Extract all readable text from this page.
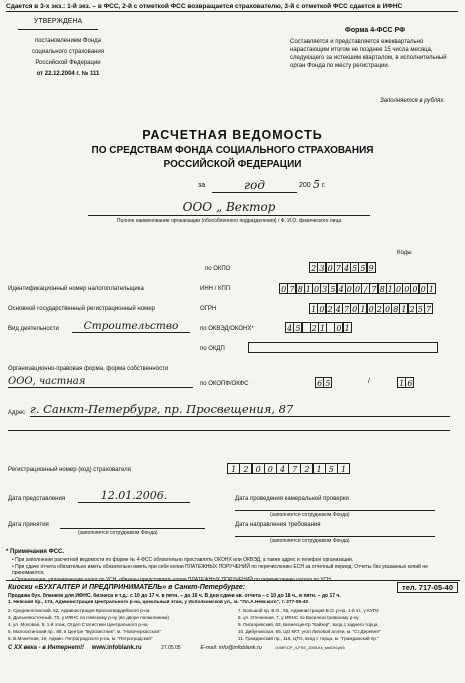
Сдается в 3-х экз.: 1-й экз. – в ФСС, 2-й с отметкой ФСС возвращается страхователю, 3-й с отметкой ФСС сдается в ИФНС
УТВЕРЖДЕНА
постановлением Фонда
социального страхования
Российской Федерации
от 22.12.2004 г. № 111
Форма 4-ФСС РФ
Составляется и представляется ежеквартально
нарастающим итогом не позднее 15 числа месяца,
следующего за истекшим кварталом, в исполнительный
орган Фонда по месту регистрации.
Заполняется в рублях.
РАСЧЕТНАЯ ВЕДОМОСТЬ
ПО СРЕДСТВАМ ФОНДА СОЦИАЛЬНОГО СТРАХОВАНИЯ
РОССИЙСКОЙ ФЕДЕРАЦИИ
за	год	200 5 г.
ООО „ Вектор
Полное наименование организации (обособленного подразделения) / Ф. И.О. физического лица
Коды
по ОКПО	2 3 0 7 4 5 5 9
Идентификационный номер налогоплательщика	ИНН / КПП	0 7 8 1 0 3 5 4 0 0 / 7 8 1 0 0 0 0 1
Основной государственный регистрационный номер	ОГРН	1 0 2 4 7 0 1 0 2 0 8 1 2 5 7
Вид деятельности	Строительство	по ОКВЭД/ОКОНХ*	4 5 2 1 0 1
по ОКДП
Организационно-правовая форма, форма собственности
ООО, частная	по ОКОПФ/ОКФС	6 5	/	1 6
Адрес г. Санкт-Петербург, пр. Просвещения, 87
Регистрационный номер (код) страхователя	1 2 0 0 4 7 2 1 5 1
Дата представления	12.01.2006.	Дата проведения камеральной проверки
(заполняется сотрудником Фонда)
Дата принятия
(заполняется сотрудником Фонда)
Дата направления требования
(заполняется сотрудником Фонда)
* Примечания ФСС.
• При заполнении расчетной ведомости по форме № 4-ФСС обязательно проставлять ОКОНХ или ОКВЭД, а также адрес и телефон организации.
• При сдаче отчета обязательно иметь обязательно иметь при себе копии ПЛАТЕЖНЫХ ПОРУЧЕНИЙ по перечислению ЕСН за отчетный период. Отчеты без указанных копий не принимаются.
• Организации, уплачивающие налог по УСН, обязаны представлять копии ПЛАТЕЖНЫХ ПОРУЧЕНИЙ по перечислению налога по УСН.
Киоски «БУХГАЛТЕР И ПРЕДПРИНИМАТЕЛЬ» в Санкт-Петербурге:	тел. 717-05-40
Продажа бух. бланков для ИФНС, бизнеса и т.д.: с 10 до 17 ч. в пятн. – до 16 ч. В дни сдачи кв. отчета – с 10 до 18 ч., в пятн. – до 17 ч.
1. Невский пр., 174, Администрация Центрального р-на, цокольный этаж, у Исполкомской ул., м. "Пл.А.Невского", т. 277-05-40
2. Среднеохтинский, 52, Администрация Красногвардейского р-на
3. Дальневосточный, 70, у ИФНС по Невскому р-ну (во дворе поликлиники)
4. ул. Моховая, 9, 1-й этаж, Отдел Статистики Центрального р-на
5. Малоохтинский пр., 88, в Центре "Бурсвестник", м. "Новочеркасская"
6. В.Монетная, 19, Админ. Петроградского р-на, м. "Петроградская"
7. Большой пр. В.О., 55, Администрация В.О. р-на, 1-й эт., у КУГИ
8. ул. Отеченная, 7, у ИФНС по Василеостровскому р-ну
9. Пискаревский, 63, Бизнесцентр "Кайзер", вход с заднего торца
10. Дибуновская, 65, ЦО ККТ, угол Липовой аллеи, м. "Ст.Деревня"
11. Гражданский пр., 116, ЦТО, вход с торца, м. "Гражданский пр."
С ХХ века - в Интернет!! www.infoblank.ru	27.05.05	E-mail: info@infoblank.ru	d:\MF\CP_4-FSS_2005.ful_sanDN.p65
